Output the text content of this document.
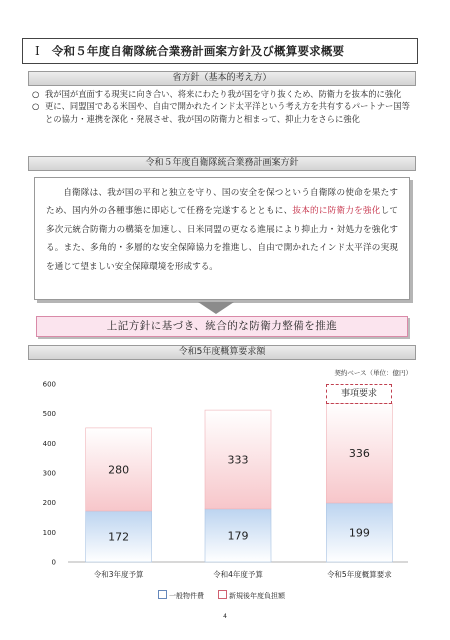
Ⅰ 令和５年度自衛隊統合業務計画案方針及び概算要求概要
省方針（基本的考え方）
○ 我が国が直面する現実に向き合い、将来にわたり我が国を守り抜くため、防衛力を抜本的に強化
○ 更に、同盟国である米国や、自由で開かれたインド太平洋という考え方を共有するパートナー国等との協力・連携を深化・発展させ、我が国の防衛力と相まって、抑止力をさらに強化
令和５年度自衛隊統合業務計画案方針
自衛隊は、我が国の平和と独立を守り、国の安全を保つという自衛隊の使命を果たすため、国内外の各種事態に即応して任務を完遂するとともに、抜本的に防衛力を強化して多次元統合防衛力の構築を加速し、日米同盟の更なる進展により抑止力・対処力を強化する。また、多角的・多層的な安全保障協力を推進し、自由で開かれたインド太平洋の実現を通じて望ましい安全保障環境を形成する。
上記方針に基づき、統合的な防衛力整備を推進
令和5年度概算要求額
0
100
200
300
400
500
600
172
280
令和3年度予算
179
333
令和4年度予算
199
336
令和5年度概算要求
契約ベース（単位：億円）
事項要求
一般物件費	新規後年度負担額
4
